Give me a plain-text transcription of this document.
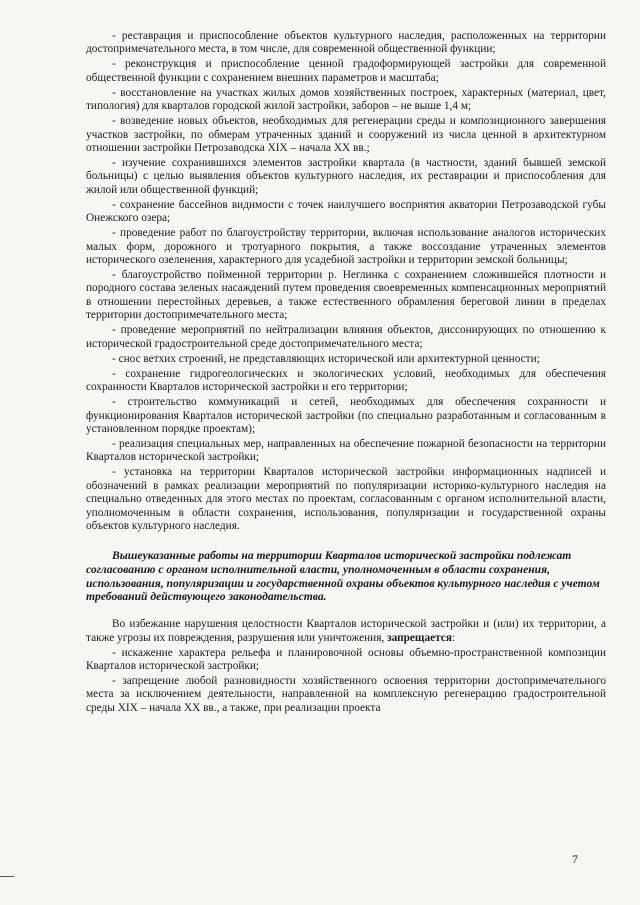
- реставрация и приспособление объектов культурного наследия, расположенных на территории достопримечательного места, в том числе, для современной общественной функции;

- реконструкция и приспособление ценной градоформирующей застройки для современной общественной функции с сохранением внешних параметров и масштаба;

- восстановление на участках жилых домов хозяйственных построек, характерных (материал, цвет, типология) для кварталов городской жилой застройки, заборов – не выше 1,4 м;

- возведение новых объектов, необходимых для регенерации среды и композиционного завершения участков застройки, по обмерам утраченных зданий и сооружений из числа ценной в архитектурном отношении застройки Петрозаводска XIX – начала XX вв.;

- изучение сохранившихся элементов застройки квартала (в частности, зданий бывшей земской больницы) с целью выявления объектов культурного наследия, их реставрации и приспособления для жилой или общественной функций;

- сохранение бассейнов видимости с точек наилучшего восприятия акватории Петрозаводской губы Онежского озера;

- проведение работ по благоустройству территории, включая использование аналогов исторических малых форм, дорожного и тротуарного покрытия, а также воссоздание утраченных элементов исторического озеленения, характерного для усадебной застройки и территории земской больницы;

- благоустройство пойменной территории р. Неглинка с сохранением сложившейся плотности и породного состава зеленых насаждений путем проведения своевременных компенсационных мероприятий в отношении перестойных деревьев, а также естественного обрамления береговой линии в пределах территории достопримечательного места;

- проведение мероприятий по нейтрализации влияния объектов, диссонирующих по отношению к исторической градостроительной среде достопримечательного места;

- снос ветхих строений, не представляющих исторической или архитектурной ценности;

- сохранение гидрогеологических и экологических условий, необходимых для обеспечения сохранности Кварталов исторической застройки и его территории;

- строительство коммуникаций и сетей, необходимых для обеспечения сохранности и функционирования Кварталов исторической застройки (по специально разработанным и согласованным в установленном порядке проектам);

- реализация специальных мер, направленных на обеспечение пожарной безопасности на территории Кварталов исторической застройки;

- установка на территории Кварталов исторической застройки информационных надписей и обозначений в рамках реализации мероприятий по популяризации историко-культурного наследия на специально отведенных для этого местах по проектам, согласованным с органом исполнительной власти, уполномоченным в области сохранения, использования, популяризации и государственной охраны объектов культурного наследия.

Вышеуказанные работы на территории Кварталов исторической застройки подлежат согласованию с органом исполнительной власти, уполномоченным в области сохранения, использования, популяризации и государственной охраны объектов культурного наследия с учетом требований действующего законодательства.

Во избежание нарушения целостности Кварталов исторической застройки и (или) их территории, а также угрозы их повреждения, разрушения или уничтожения, запрещается:

- искажение характера рельефа и планировочной основы объемно-пространственной композиции Кварталов исторической застройки;

- запрещение любой разновидности хозяйственного освоения территории достопримечательного места за исключением деятельности, направленной на комплексную регенерацию градостроительной среды XIX – начала XX вв., а также, при реализации проекта

7
